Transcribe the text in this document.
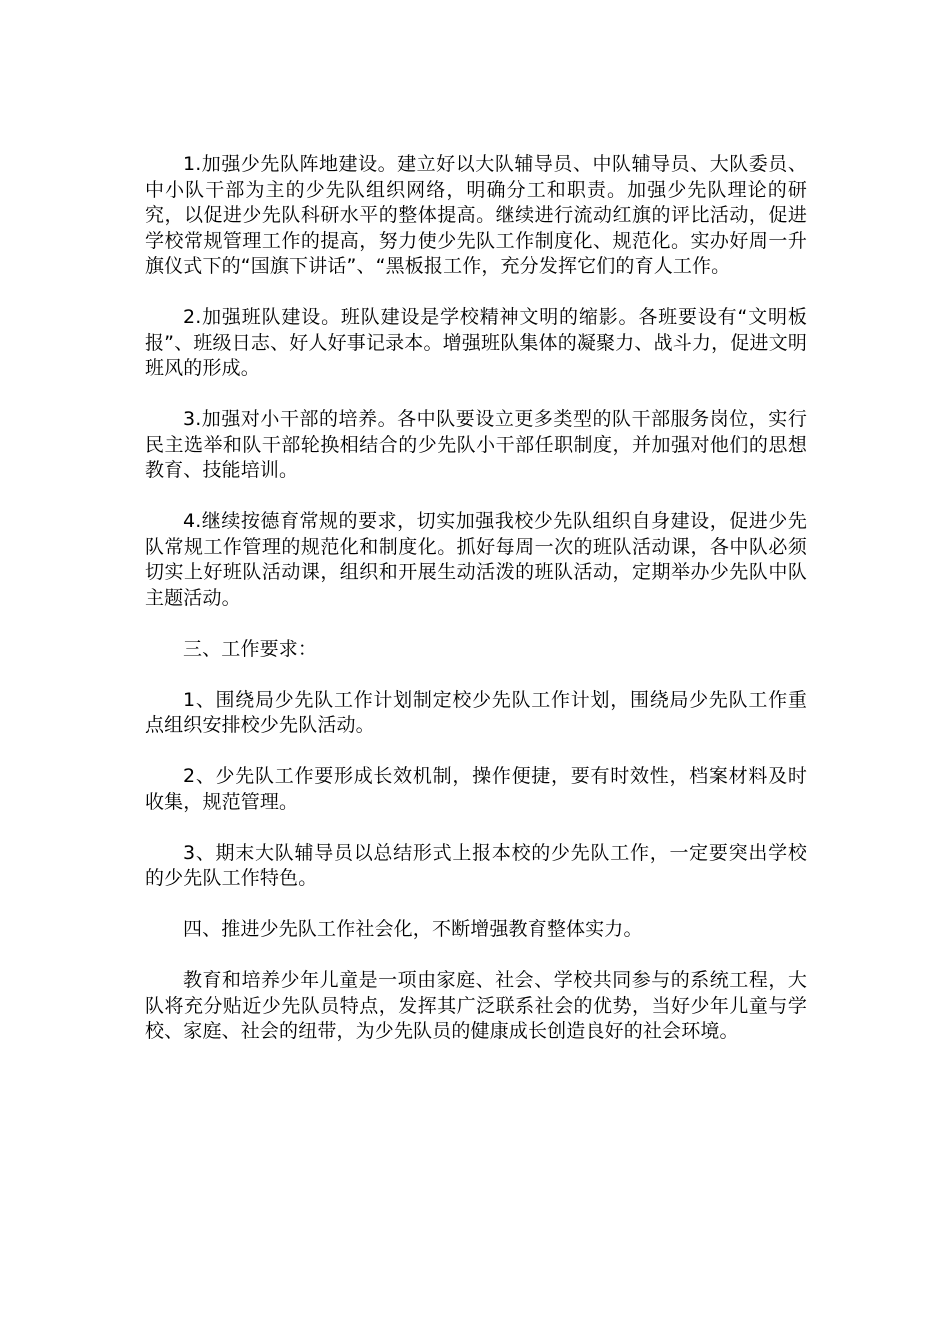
1.加强少先队阵地建设。建立好以大队辅导员、中队辅导员、大队委员、中小队干部为主的少先队组织网络，明确分工和职责。加强少先队理论的研究，以促进少先队科研水平的整体提高。继续进行流动红旗的评比活动，促进学校常规管理工作的提高，努力使少先队工作制度化、规范化。实办好周一升旗仪式下的“国旗下讲话”、“黑板报工作，充分发挥它们的育人工作。

2.加强班队建设。班队建设是学校精神文明的缩影。各班要设有“文明板报”、班级日志、好人好事记录本。增强班队集体的凝聚力、战斗力，促进文明班风的形成。

3.加强对小干部的培养。各中队要设立更多类型的队干部服务岗位，实行民主选举和队干部轮换相结合的少先队小干部任职制度，并加强对他们的思想教育、技能培训。

4.继续按德育常规的要求，切实加强我校少先队组织自身建设，促进少先队常规工作管理的规范化和制度化。抓好每周一次的班队活动课，各中队必须切实上好班队活动课，组织和开展生动活泼的班队活动，定期举办少先队中队主题活动。

三、工作要求：

1、围绕局少先队工作计划制定校少先队工作计划，围绕局少先队工作重点组织安排校少先队活动。

2、少先队工作要形成长效机制，操作便捷，要有时效性，档案材料及时收集，规范管理。

3、期末大队辅导员以总结形式上报本校的少先队工作，一定要突出学校的少先队工作特色。

四、推进少先队工作社会化，不断增强教育整体实力。

教育和培养少年儿童是一项由家庭、社会、学校共同参与的系统工程，大队将充分贴近少先队员特点，发挥其广泛联系社会的优势，当好少年儿童与学校、家庭、社会的纽带，为少先队员的健康成长创造良好的社会环境。
